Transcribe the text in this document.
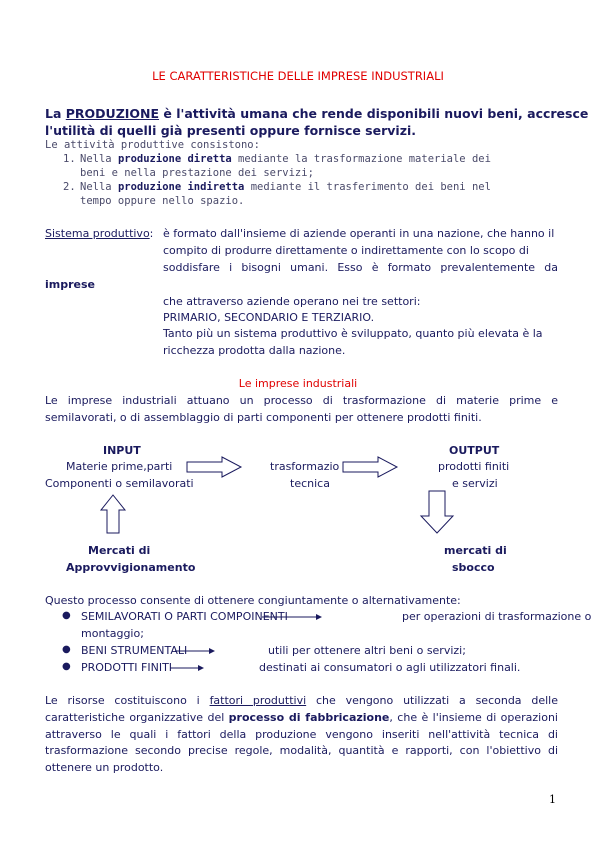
LE CARATTERISTICHE DELLE IMPRESE INDUSTRIALI
La PRODUZIONE è l'attività umana che rende disponibili nuovi beni, accresce
l'utilità di quelli già presenti oppure fornisce servizi.
Le attività produttive consistono:
1. Nella produzione diretta mediante la trasformazione materiale dei
beni e nella prestazione dei servizi;
2. Nella produzione indiretta mediante il trasferimento dei beni nel
tempo oppure nello spazio.
Sistema produttivo: è formato dall'insieme di aziende operanti in una nazione, che hanno il
compito di produrre direttamente o indirettamente con lo scopo di
soddisfare i bisogni umani. Esso è formato prevalentemente da
imprese
che attraverso aziende operano nei tre settori:
PRIMARIO, SECONDARIO E TERZIARIO.
Tanto più un sistema produttivo è sviluppato, quanto più elevata è la
ricchezza prodotta dalla nazione.
Le imprese industriali
Le imprese industriali attuano un processo di trasformazione di materie prime e
semilavorati, o di assemblaggio di parti componenti per ottenere prodotti finiti.
INPUT
Materie prime,parti
Componenti o semilavorati
trasformazio
tecnica
OUTPUT
prodotti finiti
e servizi
Mercati di
Approvvigionamento
mercati di
sbocco
Questo processo consente di ottenere congiuntamente o alternativamente:
● SEMILAVORATI O PARTI COMPOINENTI	per operazioni di trasformazione o
montaggio;
● BENI STRUMENTALI	utili per ottenere altri beni o servizi;
● PRODOTTI FINITI	destinati ai consumatori o agli utilizzatori finali.
Le risorse costituiscono i fattori produttivi che vengono utilizzati a seconda delle
caratteristiche organizzative del processo di fabbricazione, che è l'insieme di operazioni
attraverso le quali i fattori della produzione vengono inseriti nell'attività tecnica di
trasformazione secondo precise regole, modalità, quantità e rapporti, con l'obiettivo di
ottenere un prodotto.
1
